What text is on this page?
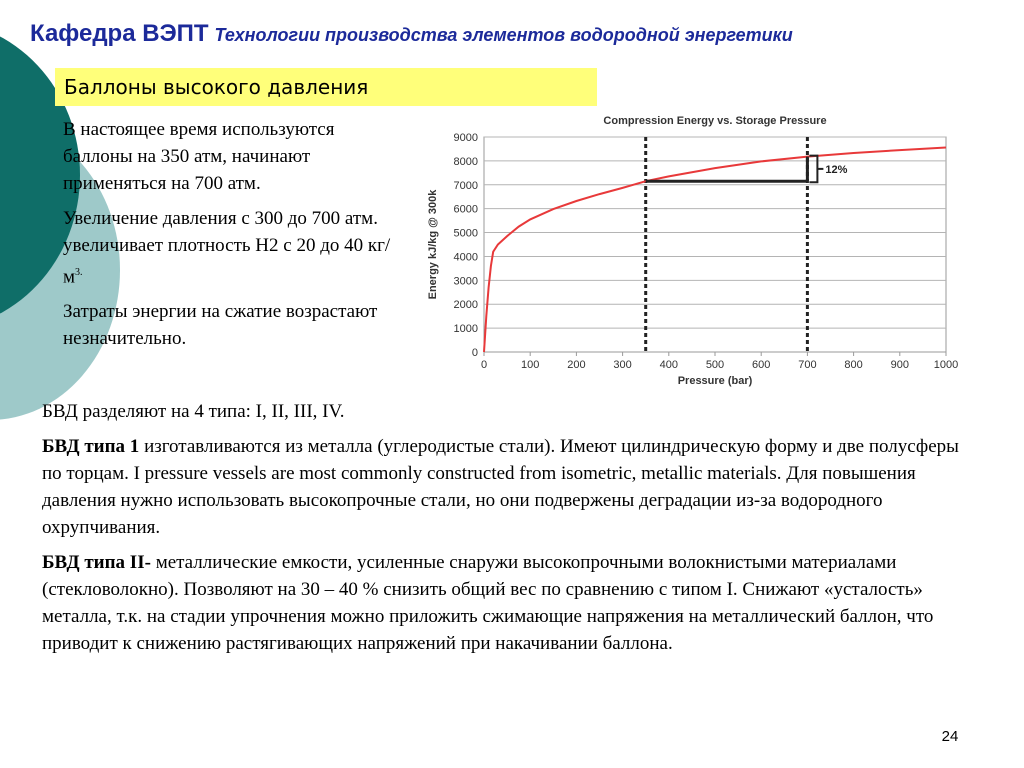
Кафедра ВЭПТ Технологии производства элементов водородной энергетики
Баллоны высокого давления

В настоящее время используются баллоны на 350 атм, начинают применяться на 700 атм.

Увеличение давления с 300 до 700 атм. увеличивает плотность H2 с 20 до 40 $кг/м^{3.}$

Затраты энергии на сжатие возрастают незначительно.

0
1000
2000
3000
4000
5000
6000
7000
8000
9000
0	100	200	300	400	500	600	700	800	900 1000
Compression Energy vs. Storage Pressure
Pressure (bar)
Energy kJ/kg @ 300k
12%

БВД разделяют на 4 типа: I, II, III, IV.

БВД типа 1 изготавливаются из металла (углеродистые стали). Имеют цилиндрическую форму и две полусферы по торцам. I pressure vessels are most commonly constructed from isometric, metallic materials. Для повышения давления нужно использовать высокопрочные стали, но они подвержены деградации из-за водородного охрупчивания.

БВД типа II- металлические емкости, усиленные снаружи высокопрочными волокнистыми материалами (стекловолокно). Позволяют на 30 – 40 % снизить общий вес по сравнению с типом I. Снижают «усталость» металла, т.к. на стадии упрочнения можно приложить сжимающие напряжения на металлический баллон, что приводит к снижению растягивающих напряжений при накачивании баллона.

24
